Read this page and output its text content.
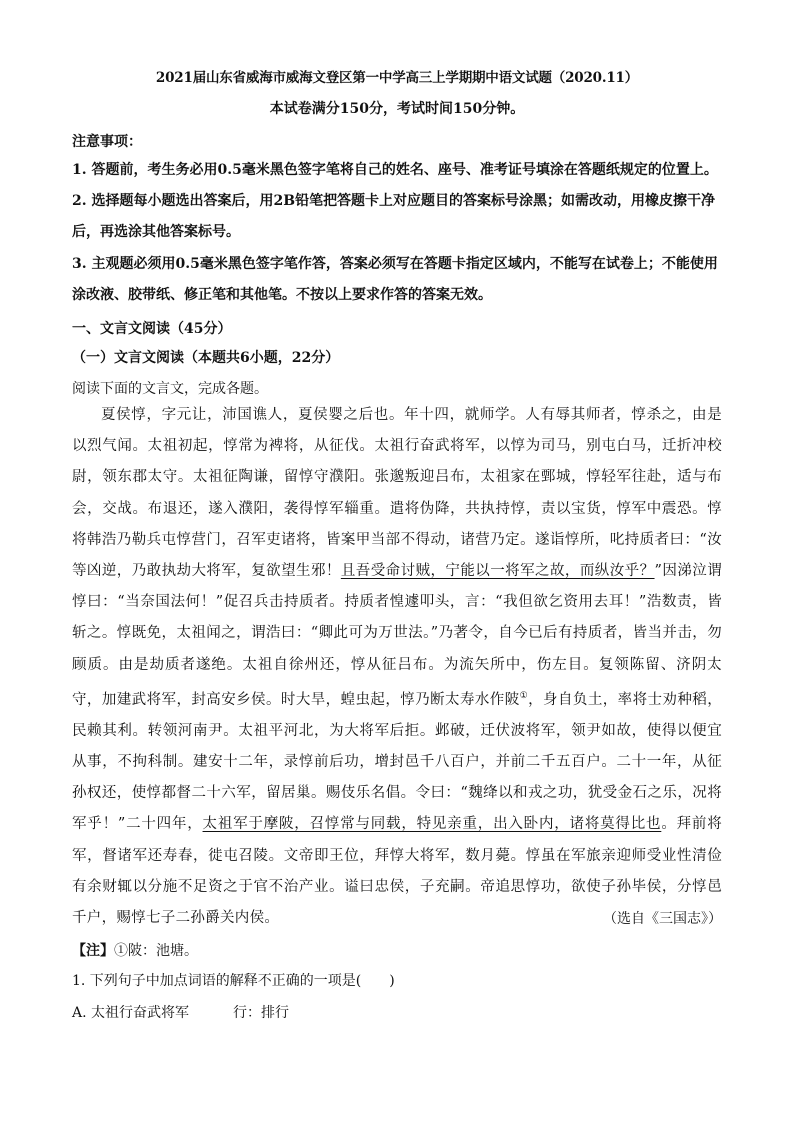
2021届山东省威海市威海文登区第一中学高三上学期期中语文试题（2020.11）
本试卷满分150分，考试时间150分钟。
注意事项：
1. 答题前，考生务必用0.5毫米黑色签字笔将自己的姓名、座号、准考证号填涂在答题纸规定的位置上。
2. 选择题每小题选出答案后，用2B铅笔把答题卡上对应题目的答案标号涂黑；如需改动，用橡皮擦干净后，再选涂其他答案标号。
3. 主观题必须用0.5毫米黑色签字笔作答，答案必须写在答题卡指定区域内，不能写在试卷上；不能使用涂改液、胶带纸、修正笔和其他笔。不按以上要求作答的答案无效。
一、文言文阅读（45分）
（一）文言文阅读（本题共6小题，22分）
阅读下面的文言文，完成各题。

夏侯惇，字元让，沛国谯人，夏侯婴之后也。年十四，就师学。人有辱其师者，惇杀之，由是以烈气闻。太祖初起，惇常为裨将，从征伐。太祖行奋武将军，以惇为司马，别屯白马，迁折冲校尉，领东郡太守。太祖征陶谦，留惇守濮阳。张邈叛迎吕布，太祖家在鄄城，惇轻军往赴，适与布会，交战。布退还，遂入濮阳，袭得惇军辎重。遣将伪降，共执持惇，责以宝货，惇军中震恐。惇将韩浩乃勒兵屯惇营门，召军吏诸将，皆案甲当部不得动，诸营乃定。遂诣惇所，叱持质者曰：“汝等凶逆，乃敢执劫大将军，复欲望生邪！且吾受命讨贼，宁能以一将军之故，而纵汝乎？”因涕泣谓惇曰：“当奈国法何！”促召兵击持质者。持质者惶遽叩头，言：“我但欲乞资用去耳！”浩数责，皆斩之。惇既免，太祖闻之，谓浩曰：“卿此可为万世法。”乃著令，自今已后有持质者，皆当并击，勿顾质。由是劫质者遂绝。太祖自徐州还，惇从征吕布。为流矢所中，伤左目。复领陈留、济阴太守，加建武将军，封高安乡侯。时大旱，蝗虫起，惇乃断太寿水作陂①，身自负土，率将士劝种稻，民赖其利。转领河南尹。太祖平河北，为大将军后拒。邺破，迁伏波将军，领尹如故，使得以便宜从事，不拘科制。建安十二年，录惇前后功，增封邑千八百户，并前二千五百户。二十一年，从征孙权还，使惇都督二十六军，留居巢。赐伎乐名倡。令曰：“魏绛以和戎之功，犹受金石之乐，况将军乎！”二十四年，太祖军于摩陂，召惇常与同载，特见亲重，出入卧内，诸将莫得比也。拜前将军，督诸军还寿春，徙屯召陵。文帝即王位，拜惇大将军，数月薨。惇虽在军旅亲迎师受业性清俭有余财辄以分施不足资之于官不治产业。谥曰忠侯，子充嗣。帝追思惇功，欲使子孙毕侯，分惇邑千户，赐惇七子二孙爵关内侯。	（选自《三国志》）
【注】①陂：池塘。
1. 下列句子中加点词语的解释不正确的一项是(　　)
A. 太祖行奋武将军	行：排行
